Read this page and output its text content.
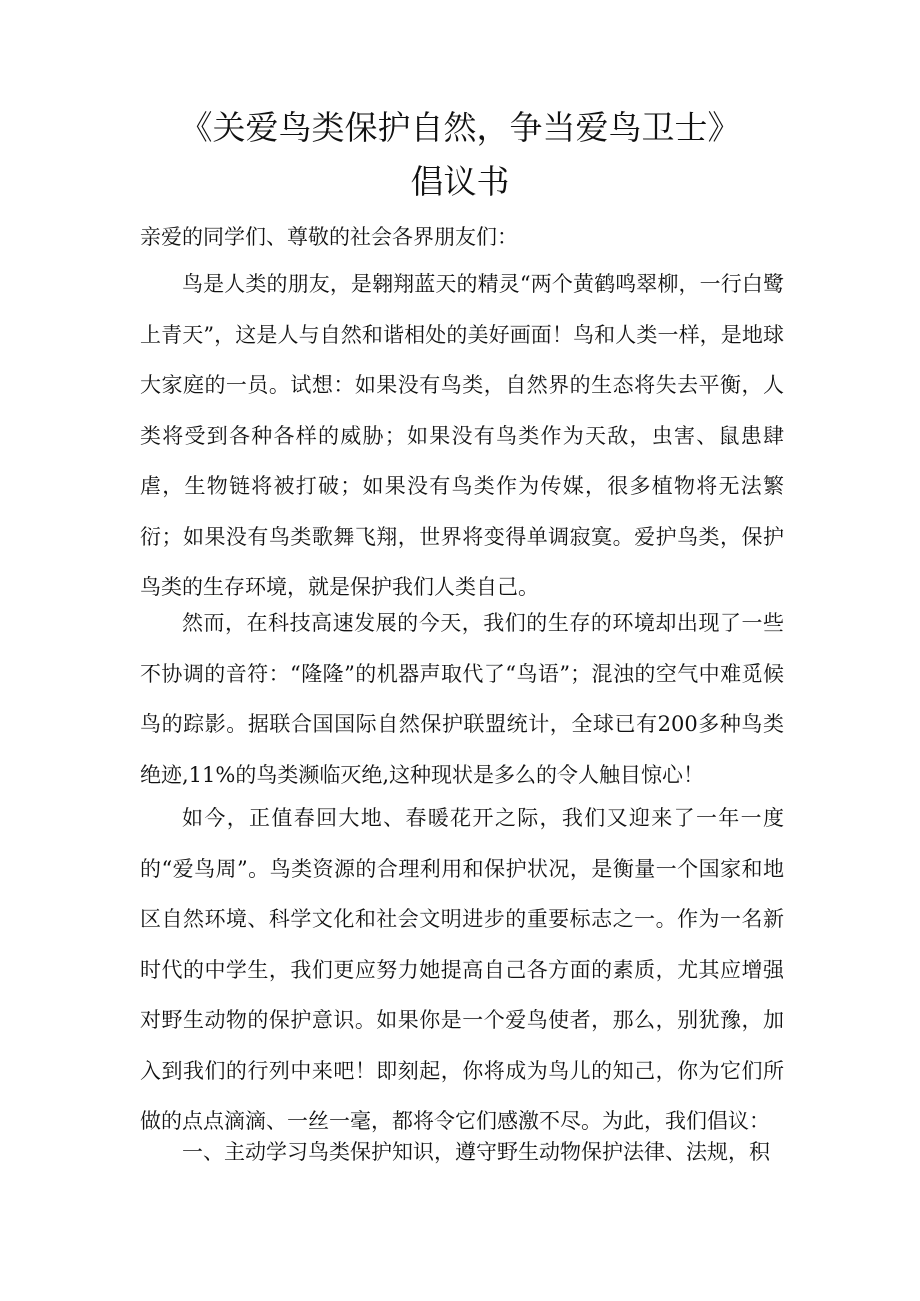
《关爱鸟类保护自然，争当爱鸟卫士》
倡议书

亲爱的同学们、尊敬的社会各界朋友们：

鸟是人类的朋友，是翱翔蓝天的精灵“两个黄鹤鸣翠柳，一行白鹭上青天”，这是人与自然和谐相处的美好画面！鸟和人类一样，是地球大家庭的一员。试想：如果没有鸟类，自然界的生态将失去平衡，人类将受到各种各样的威胁；如果没有鸟类作为天敌，虫害、鼠患肆虐，生物链将被打破；如果没有鸟类作为传媒，很多植物将无法繁衍；如果没有鸟类歌舞飞翔，世界将变得单调寂寞。爱护鸟类，保护鸟类的生存环境，就是保护我们人类自己。

然而，在科技高速发展的今天，我们的生存的环境却出现了一些不协调的音符：“隆隆”的机器声取代了“鸟语”；混浊的空气中难觅候鸟的踪影。据联合国国际自然保护联盟统计，全球已有200多种鸟类绝迹,11%的鸟类濒临灭绝,这种现状是多么的令人触目惊心！

如今，正值春回大地、春暖花开之际，我们又迎来了一年一度的“爱鸟周”。鸟类资源的合理利用和保护状况，是衡量一个国家和地区自然环境、科学文化和社会文明进步的重要标志之一。作为一名新时代的中学生，我们更应努力她提高自己各方面的素质，尤其应增强对野生动物的保护意识。如果你是一个爱鸟使者，那么，别犹豫，加入到我们的行列中来吧！即刻起，你将成为鸟儿的知己，你为它们所做的点点滴滴、一丝一毫，都将令它们感激不尽。为此，我们倡议：

一、主动学习鸟类保护知识，遵守野生动物保护法律、法规，积
